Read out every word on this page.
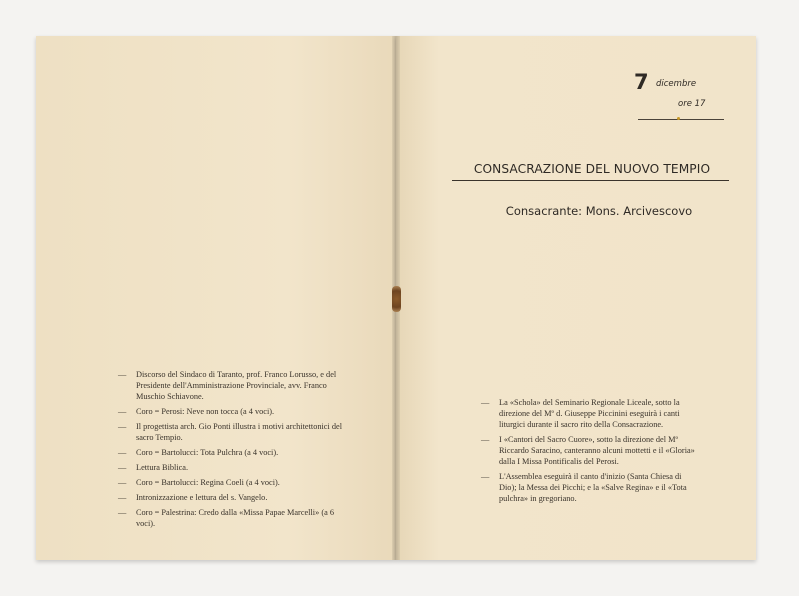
— Discorso del Sindaco di Taranto, prof. Franco Lorusso, e del Presidente dell'Amministrazione Provinciale, avv. Franco Muschio Schiavone.
— Coro = Perosi: Neve non tocca (a 4 voci).
— Il progettista arch. Gio Ponti illustra i motivi architettonici del sacro Tempio.
— Coro = Bartolucci: Tota Pulchra (a 4 voci).
— Lettura Biblica.
— Coro = Bartolucci: Regina Coeli (a 4 voci).
— Intronizzazione e lettura del s. Vangelo.
— Coro = Palestrina: Credo dalla «Missa Papae Marcelli» (a 6 voci).
7 dicembre
ore 17
CONSACRAZIONE DEL NUOVO TEMPIO
Consacrante: Mons. Arcivescovo
— La «Schola» del Seminario Regionale Liceale, sotto la direzione del Mº d. Giuseppe Piccinini eseguirà i canti liturgici durante il sacro rito della Consacrazione.
— I «Cantori del Sacro Cuore», sotto la direzione del Mº Riccardo Saracino, canteranno alcuni mottetti e il «Gloria» dalla I Missa Pontificalis del Perosi.
— L'Assemblea eseguirà il canto d'inizio (Santa Chiesa di Dio); la Messa dei Picchi; e la «Salve Regina» e il «Tota pulchra» in gregoriano.
